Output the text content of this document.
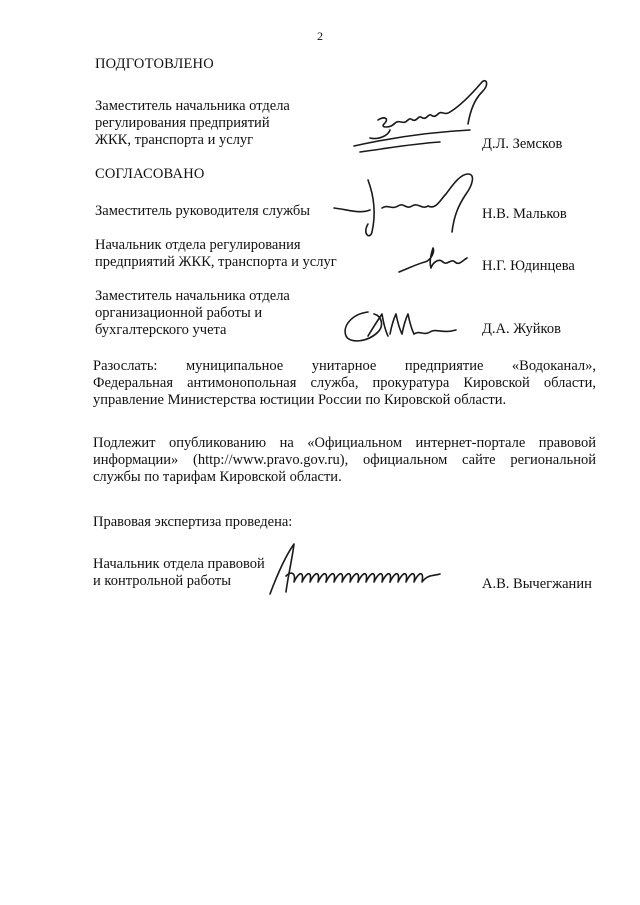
2
ПОДГОТОВЛЕНО
Заместитель начальника отдела
регулирования предприятий
ЖКК, транспорта и услуг	Д.Л. Земсков
СОГЛАСОВАНО
Заместитель руководителя службы	Н.В. Мальков
Начальник отдела регулирования
предприятий ЖКК, транспорта и услуг	Н.Г. Юдинцева
Заместитель начальника отдела
организационной работы и
бухгалтерского учета	Д.А. Жуйков
Разослать: муниципальное унитарное предприятие «Водоканал»,
Федеральная антимонопольная служба, прокуратура Кировской области,
управление Министерства юстиции России по Кировской области.
Подлежит опубликованию на «Официальном интернет-портале правовой
информации» (http://www.pravo.gov.ru), официальном сайте региональной
службы по тарифам Кировской области.
Правовая экспертиза проведена:
Начальник отдела правовой
и контрольной работы	А.В. Вычегжанин
